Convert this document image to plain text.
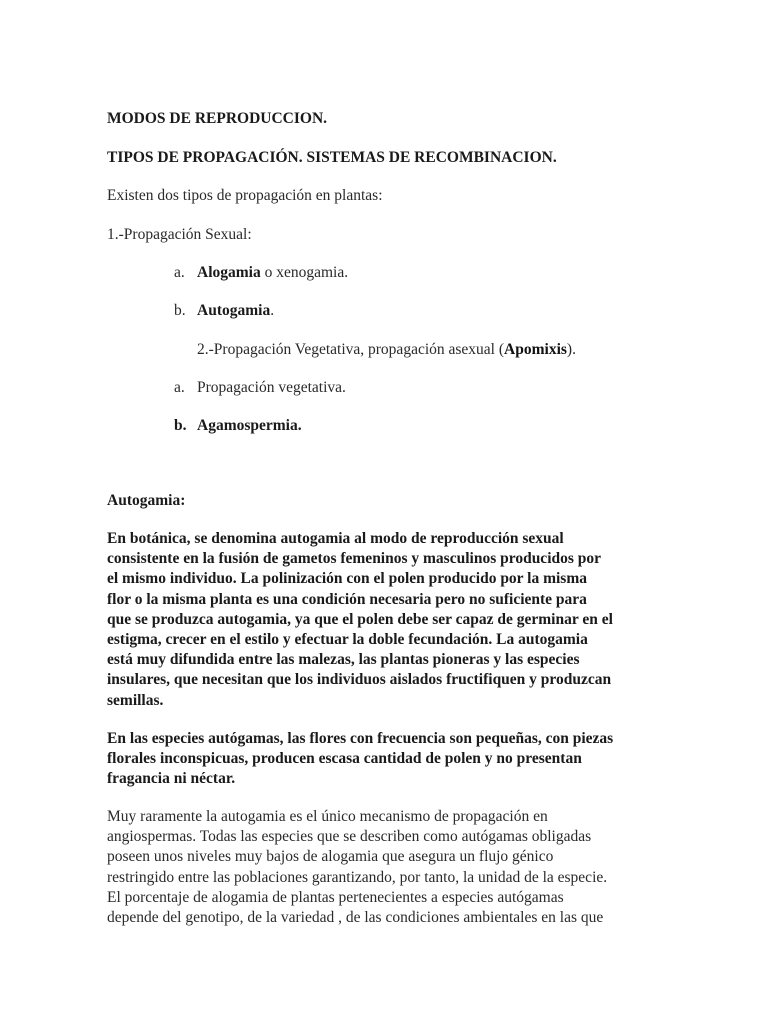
MODOS DE REPRODUCCION.

TIPOS DE PROPAGACIÓN. SISTEMAS DE RECOMBINACION.

Existen dos tipos de propagación en plantas:

1.-Propagación Sexual:

a. Alogamia o xenogamia.

b. Autogamia.

2.-Propagación Vegetativa, propagación asexual (Apomixis).

a. Propagación vegetativa.

b. Agamospermia.

Autogamia:

En botánica, se denomina autogamia al modo de reproducción sexual
consistente en la fusión de gametos femeninos y masculinos producidos por
el mismo individuo. La polinización con el polen producido por la misma
flor o la misma planta es una condición necesaria pero no suficiente para
que se produzca autogamia, ya que el polen debe ser capaz de germinar en el
estigma, crecer en el estilo y efectuar la doble fecundación. La autogamia
está muy difundida entre las malezas, las plantas pioneras y las especies
insulares, que necesitan que los individuos aislados fructifiquen y produzcan
semillas.
En las especies autógamas, las flores con frecuencia son pequeñas, con piezas
florales inconspicuas, producen escasa cantidad de polen y no presentan
fragancia ni néctar.
Muy raramente la autogamia es el único mecanismo de propagación en
angiospermas. Todas las especies que se describen como autógamas obligadas
poseen unos niveles muy bajos de alogamia que asegura un flujo génico
restringido entre las poblaciones garantizando, por tanto, la unidad de la especie.
El porcentaje de alogamia de plantas pertenecientes a especies autógamas
depende del genotipo, de la variedad , de las condiciones ambientales en las que
